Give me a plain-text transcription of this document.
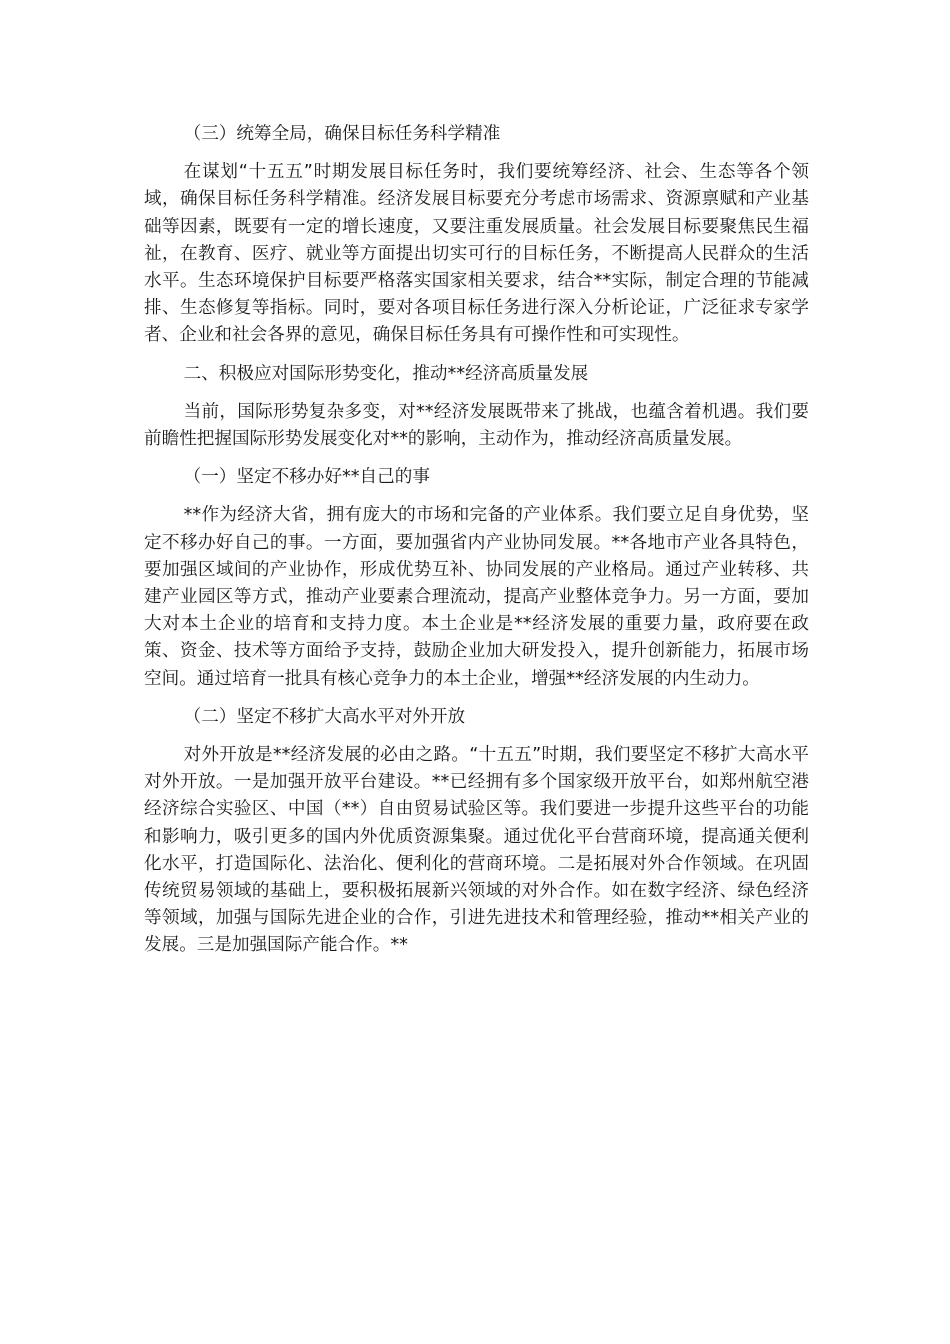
（三）统筹全局，确保目标任务科学精准

在谋划“十五五”时期发展目标任务时，我们要统筹经济、社会、生态等各个领域，确保目标任务科学精准。经济发展目标要充分考虑市场需求、资源禀赋和产业基础等因素，既要有一定的增长速度，又要注重发展质量。社会发展目标要聚焦民生福祉，在教育、医疗、就业等方面提出切实可行的目标任务，不断提高人民群众的生活水平。生态环境保护目标要严格落实国家相关要求，结合**实际，制定合理的节能减排、生态修复等指标。同时，要对各项目标任务进行深入分析论证，广泛征求专家学者、企业和社会各界的意见，确保目标任务具有可操作性和可实现性。

二、积极应对国际形势变化，推动**经济高质量发展

当前，国际形势复杂多变，对**经济发展既带来了挑战，也蕴含着机遇。我们要前瞻性把握国际形势发展变化对**的影响，主动作为，推动经济高质量发展。

（一）坚定不移办好**自己的事

**作为经济大省，拥有庞大的市场和完备的产业体系。我们要立足自身优势，坚定不移办好自己的事。一方面，要加强省内产业协同发展。**各地市产业各具特色，要加强区域间的产业协作，形成优势互补、协同发展的产业格局。通过产业转移、共建产业园区等方式，推动产业要素合理流动，提高产业整体竞争力。另一方面，要加大对本土企业的培育和支持力度。本土企业是**经济发展的重要力量，政府要在政策、资金、技术等方面给予支持，鼓励企业加大研发投入，提升创新能力，拓展市场空间。通过培育一批具有核心竞争力的本土企业，增强**经济发展的内生动力。

（二）坚定不移扩大高水平对外开放

对外开放是**经济发展的必由之路。“十五五”时期，我们要坚定不移扩大高水平对外开放。一是加强开放平台建设。**已经拥有多个国家级开放平台，如郑州航空港经济综合实验区、中国（**）自由贸易试验区等。我们要进一步提升这些平台的功能和影响力，吸引更多的国内外优质资源集聚。通过优化平台营商环境，提高通关便利化水平，打造国际化、法治化、便利化的营商环境。二是拓展对外合作领域。在巩固传统贸易领域的基础上，要积极拓展新兴领域的对外合作。如在数字经济、绿色经济等领域，加强与国际先进企业的合作，引进先进技术和管理经验，推动**相关产业的发展。三是加强国际产能合作。**
